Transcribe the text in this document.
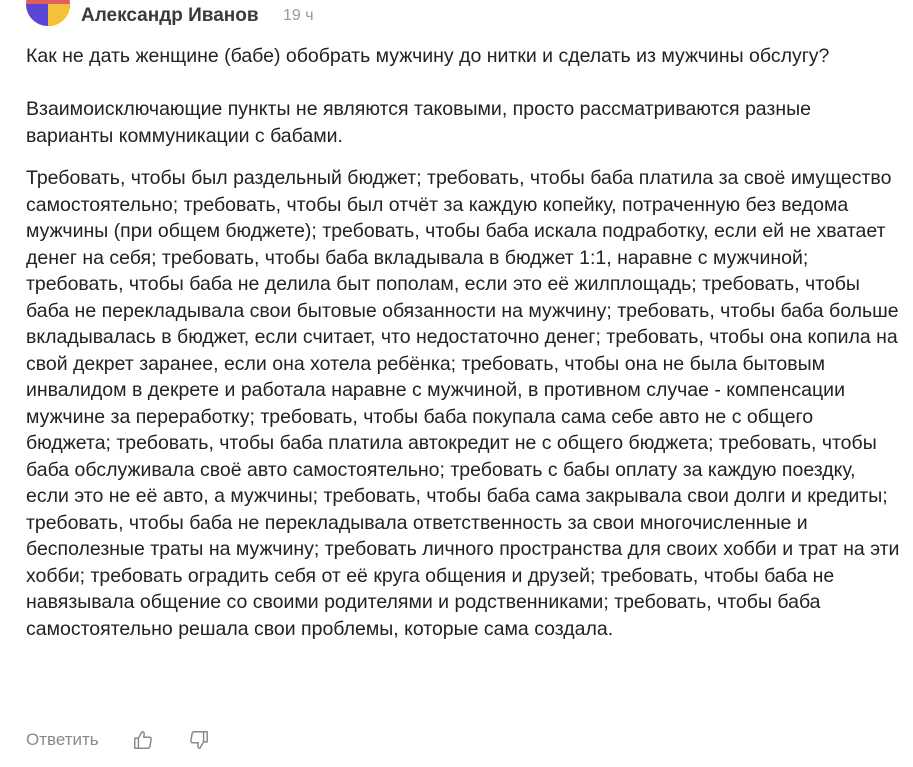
Александр Иванов 19 ч

Как не дать женщине (бабе) обобрать мужчину до нитки и сделать из мужчины обслугу?

Взаимоисключающие пункты не являются таковыми, просто рассматриваются разные варианты коммуникации с бабами.

Требовать, чтобы был раздельный бюджет; требовать, чтобы баба платила за своё имущество самостоятельно; требовать, чтобы был отчёт за каждую копейку, потраченную без ведома мужчины (при общем бюджете); требовать, чтобы баба искала подработку, если ей не хватает денег на себя; требовать, чтобы баба вкладывала в бюджет 1:1, наравне с мужчиной; требовать, чтобы баба не делила быт пополам, если это её жилплощадь; требовать, чтобы баба не перекладывала свои бытовые обязанности на мужчину; требовать, чтобы баба больше вкладывалась в бюджет, если считает, что недостаточно денег; требовать, чтобы она копила на свой декрет заранее, если она хотела ребёнка; требовать, чтобы она не была бытовым инвалидом в декрете и работала наравне с мужчиной, в противном случае - компенсации мужчине за переработку; требовать, чтобы баба покупала сама себе авто не с общего бюджета; требовать, чтобы баба платила автокредит не с общего бюджета; требовать, чтобы баба обслуживала своё авто самостоятельно; требовать с бабы оплату за каждую поездку, если это не её авто, а мужчины; требовать, чтобы баба сама закрывала свои долги и кредиты; требовать, чтобы баба не перекладывала ответственность за свои многочисленные и бесполезные траты на мужчину; требовать личного пространства для своих хобби и трат на эти хобби; требовать оградить себя от её круга общения и друзей; требовать, чтобы баба не навязывала общение со своими родителями и родственниками; требовать, чтобы баба самостоятельно решала свои проблемы, которые сама создала.

Ответить
